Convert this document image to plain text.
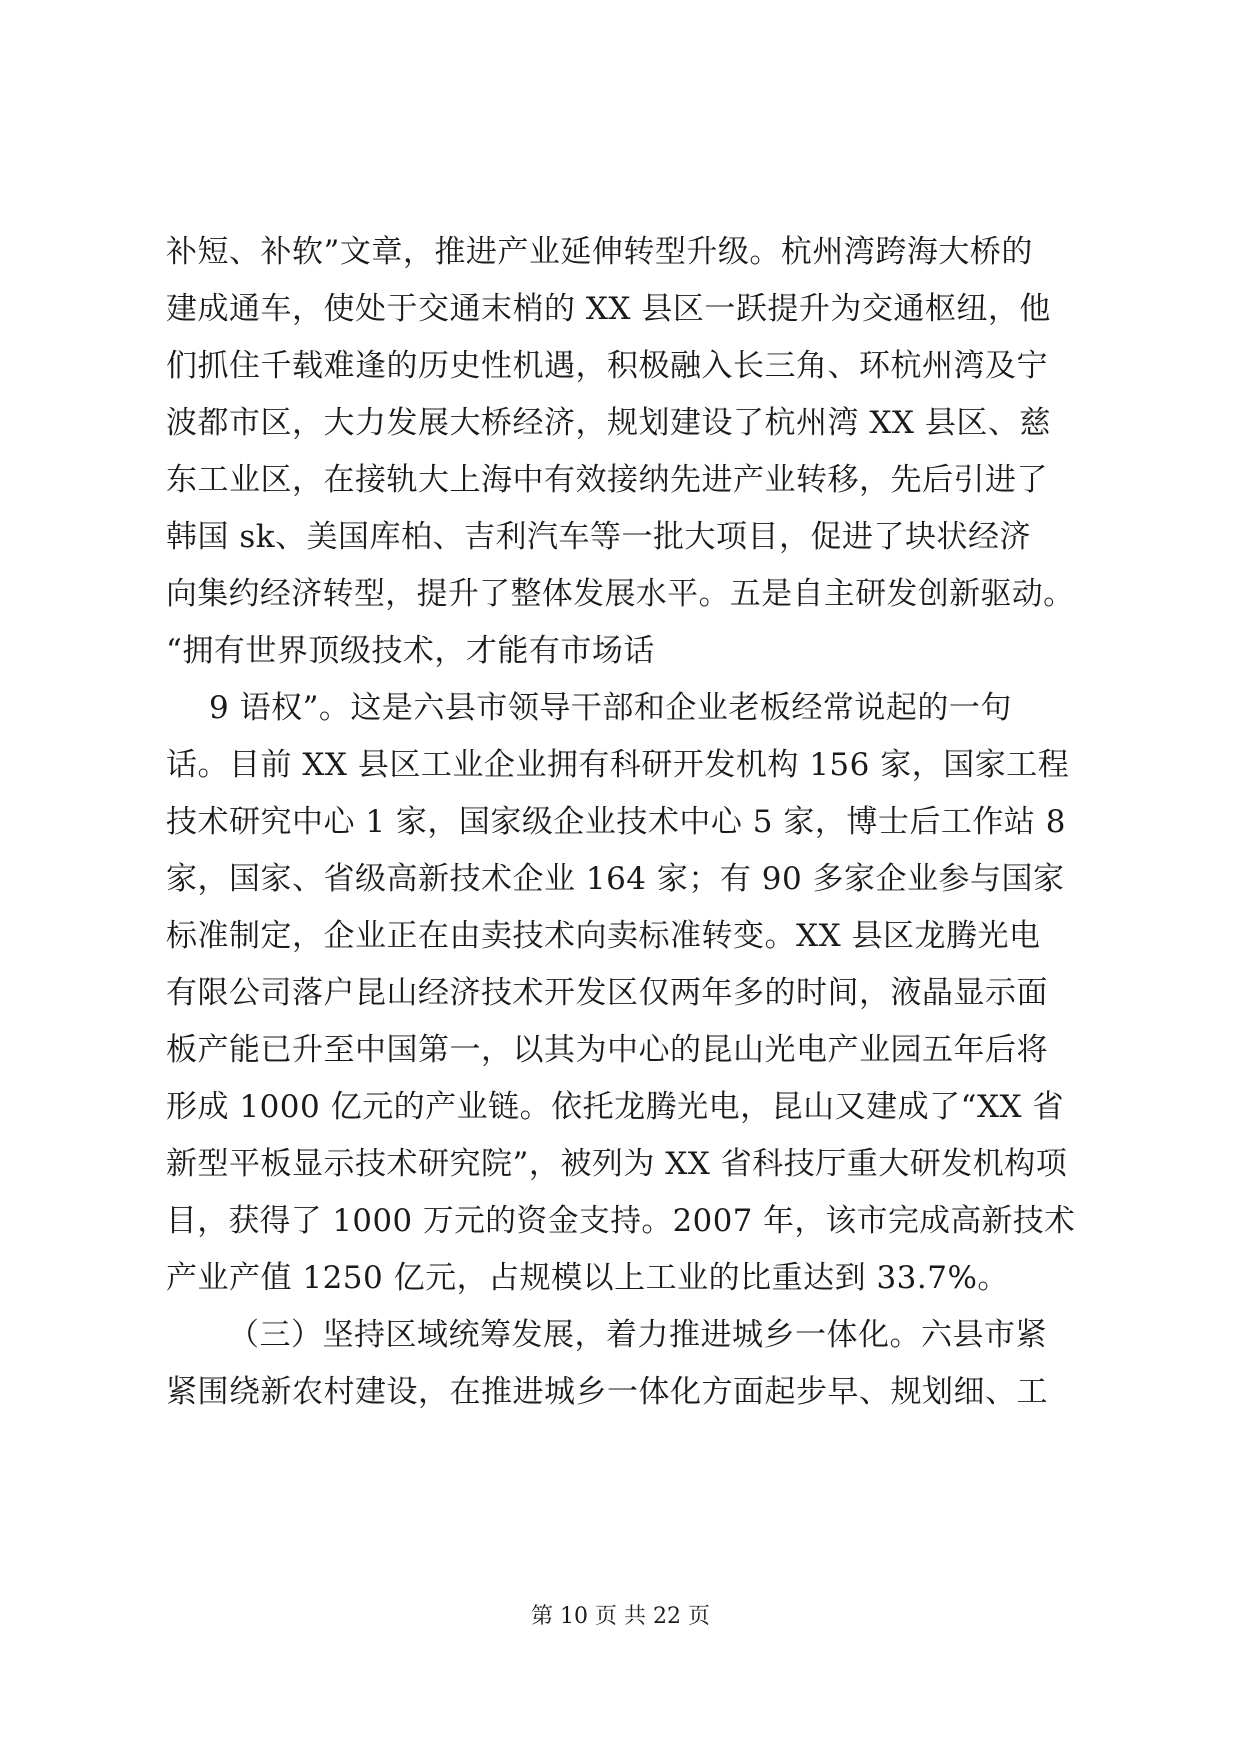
补短、补软”文章，推进产业延伸转型升级。杭州湾跨海大桥的
建成通车，使处于交通末梢的 XX 县区一跃提升为交通枢纽，他
们抓住千载难逢的历史性机遇，积极融入长三角、环杭州湾及宁
波都市区，大力发展大桥经济，规划建设了杭州湾 XX 县区、慈
东工业区，在接轨大上海中有效接纳先进产业转移，先后引进了
韩国 sk、美国库柏、吉利汽车等一批大项目，促进了块状经济
向集约经济转型，提升了整体发展水平。五是自主研发创新驱动。
“拥有世界顶级技术，才能有市场话
9 语权”。这是六县市领导干部和企业老板经常说起的一句
话。目前 XX 县区工业企业拥有科研开发机构 156 家，国家工程
技术研究中心 1 家，国家级企业技术中心 5 家，博士后工作站 8
家，国家、省级高新技术企业 164 家；有 90 多家企业参与国家
标准制定，企业正在由卖技术向卖标准转变。XX 县区龙腾光电
有限公司落户昆山经济技术开发区仅两年多的时间，液晶显示面
板产能已升至中国第一，以其为中心的昆山光电产业园五年后将
形成 1000 亿元的产业链。依托龙腾光电，昆山又建成了“XX 省
新型平板显示技术研究院”，被列为 XX 省科技厅重大研发机构项
目，获得了 1000 万元的资金支持。2007 年，该市完成高新技术
产业产值 1250 亿元，占规模以上工业的比重达到 33.7%。
（三）坚持区域统筹发展，着力推进城乡一体化。六县市紧
紧围绕新农村建设，在推进城乡一体化方面起步早、规划细、工
第 10 页 共 22 页
